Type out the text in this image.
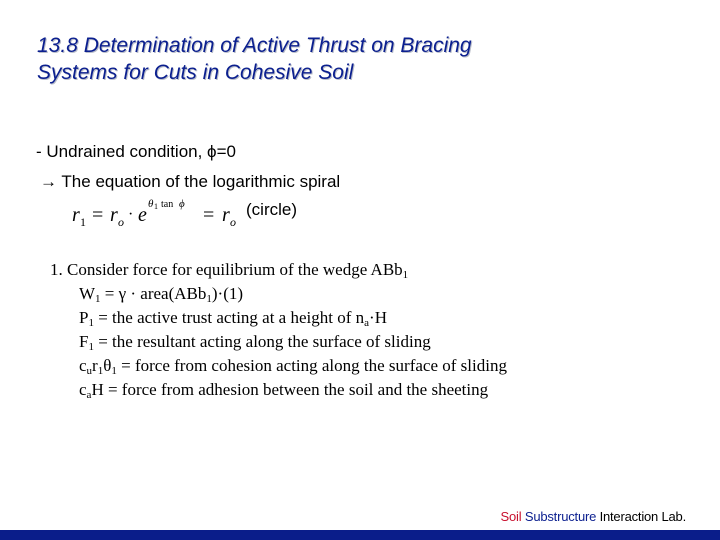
13.8 Determination of Active Thrust on Bracing
Systems for Cuts in Cohesive Soil
- Undrained condition, ϕ=0
→ The equation of the logarithmic spiral
r 1 = r o · e θ 1 tan ϕ = r o
(circle)
1. Consider force for equilibrium of the wedge ABb$_1$
$W_1 = \gamma$ · area(ABb$_1$)·(1)
$P_1$ = the active trust acting at a height of $n_a\cdot H$
$F_1$ = the resultant acting along the surface of sliding
$c_ur_1\theta_1$ = force from cohesion acting along the surface of sliding
$c_aH$ = force from adhesion between the soil and the sheeting
Soil Substructure Interaction Lab.
